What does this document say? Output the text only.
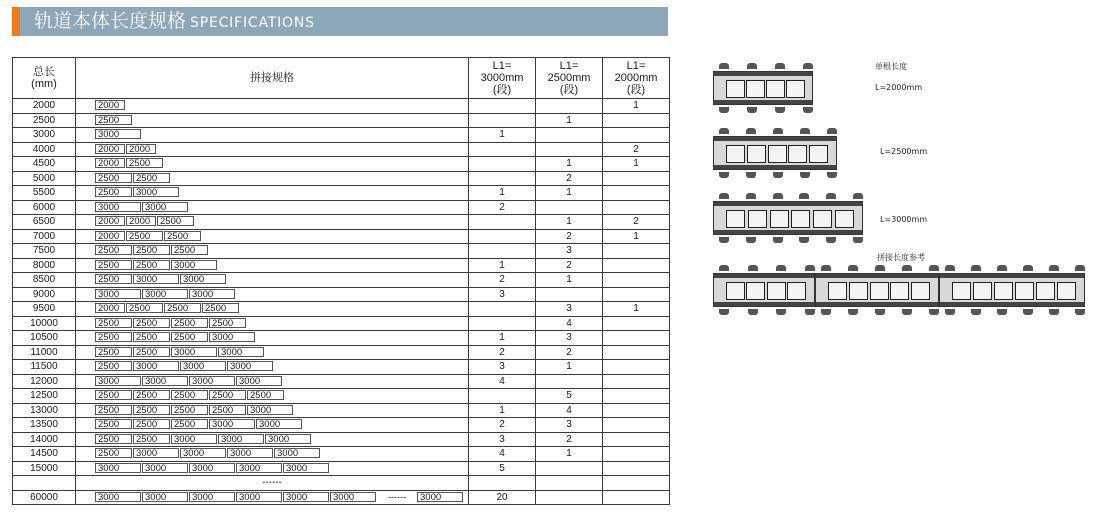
轨道本体长度规格 SPECIFICATIONS
总长
(mm)	拼接规格	L1=
3000mm
(段)	L1=
2500mm
(段)	L1=
2000mm
(段)
2000	2000			1
2500	2500		1	
3000	3000	1		
4000	2000 2000			2
4500	2000 2500		1	1
5000	2500 2500		2	
5500	2500 3000	1	1	
6000	3000 3000	2		
6500	2000 2000 2500		1	2
7000	2000 2500 2500		2	1
7500	2500 2500 2500		3	
8000	2500 2500 3000	1	2	
8500	2500 3000 3000	2	1	
9000	3000 3000 3000	3		
9500	2000 2500 2500 2500		3	1
10000	2500 2500 2500 2500		4	
10500	2500 2500 2500 3000	1	3	
11000	2500 2500 3000 3000	2	2	
11500	2500 3000 3000 3000	3	1	
12000	3000 3000 3000 3000	4		
12500	2500 2500 2500 2500 2500		5	
13000	2500 2500 2500 2500 3000	1	4	
13500	2500 2500 2500 3000 3000	2	3	
14000	2500 2500 3000 3000 3000	3	2	
14500	2500 3000 3000 3000 3000	4	1	
15000	3000 3000 3000 3000 3000	5		
	------			
60000	3000 3000 3000 3000 3000 3000 ------ 3000	20		
单根长度
L=2000mm
L=2500mm
L=3000mm
拼接长度参考
